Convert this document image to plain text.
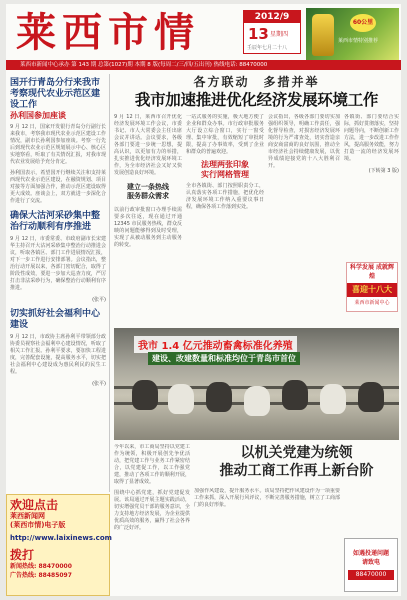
莱西市情	2012/9
13 星期四
壬辰年七月二十八
60公里
莱西市情特别推荐
莱西市新闻中心承办 第 143 期 总第(1027)期 本期 8 版(每周二/三/四/五出刊) 热线电话: 88470000
国开行青岛分行来我市考察现代农业示范区建设工作
孙利国参加座谈
9 月 12 日，国家开发银行青岛分行副行长来我市，考察我市现代农业示范区建设工作情况，副市长孙利国参加座谈。考察一行先后到现代农业示范区规划展示中心、核心区实地察看，听取了有关情况汇报，对我市现代农业发展给予充分肯定。
孙利国表示，希望国开行继续关注和支持莱西现代农业示范区建设，在融资规划、项目对接等方面加强合作，推动示范区建设取得更大成效。座谈会上，双方就进一步深化合作进行了交流。
确保大沽河采砂集中整治行动顺利有序推进
9 月 12 日，市委常委、市政府副市长宋建华主持召开大沽河采砂集中整治行动推进会议，听取各镇区、部门工作进展情况汇报，对下一步工作进行安排部署。会议指出，整治行动开展以来，各部门密切配合，取得了阶段性成效，要进一步加大巡查力度，严厉打击非法采砂行为，确保整治行动顺利有序推进。
(张平)
切实抓好社会福利中心建设
9 月 12 日，市政协主席孙利平带领部分政协委员视察社会福利中心建设情况，听取了相关工作汇报。孙利平要求，要加快工程进度，完善配套设施，提高服务水平，切实把社会福利中心建设成为惠民利民的民生工程。
(张平)
欢迎点击
莱西新闻网
(莱西市情)电子版
http://www.laixinews.com
拨打
新闻热线: 88470000
广告热线: 88485097
各方联动　多措并举
我市加速推进优化经济发展环境工作
9 月 12 日，莱西市召开优化经济发展环境工作会议，市委书记、市人大常委会主任出席会议并讲话。会议要求，各级各部门要进一步统一思想，提高认识，以更加有力的举措，扎实推进优化经济发展环境工作，为全市经济社会又好又快发展创造良好环境。
建立一条热线
服务群众需求
以前行政审批窗口办理手续需要多次往返，现在通过开通 12345 市民服务热线，群众反映的问题能够得到及时受理，实现了从被动服务到主动服务的转变。
一站式服务的实施，极大地方便了企业和群众办事。市行政审批服务大厅设立综合窗口，实行一窗受理、集中审批，有效缩短了审批时限，提高了办事效率，受到了企业和群众的普遍欢迎。
法理两张印象
实行网格管理
全市各镇街、部门按照职责分工，认真落实各项工作措施，把优化经济发展环境工作纳入重要议事日程，确保各项工作落到实处。
会议指出，各级各部门要切实加强组织领导，明确工作责任，强化督导检查，对损害经济发展环境的行为严肃查处，切实营造亲商安商富商的良好氛围，推动全市经济社会持续健康发展，以优异成绩迎接党的十八大胜利召开。
各镇街、部门要结合实际，抓好贯彻落实，坚持问题导向，不断创新工作方法，进一步改进工作作风，提高服务效能，努力打造一流的经济发展环境。
(下转第 3 版)
科学发展 成就辉煌
喜迎十八大
莱西市新闻中心
我市 1.4 亿元推动畜禽标准化养殖
建设、改建数量和标准均位于青岛市首位
今年以来，市工商局坚持以党建工作为统领，积极开展创先争优活动，把党建工作与业务工作紧密结合，以党建促工作，以工作强党建，推动了各项工作的顺利开展，取得了显著成效。
围绕中心抓党建，抓好党建促发展。该局通过开展主题实践活动，切实增强党员干部的服务意识，全力支持地方经济发展，为企业提供优质高效的服务，赢得了社会各界的广泛好评。
以机关党建为统领
推动工商工作再上新台阶
加强作风建设，提升服务水平。该局坚持把作风建设作为一项重要工作来抓，深入开展行风评议，不断完善服务措施，树立了工商部门的良好形象。
如遇投递问题
请致电
88470000
